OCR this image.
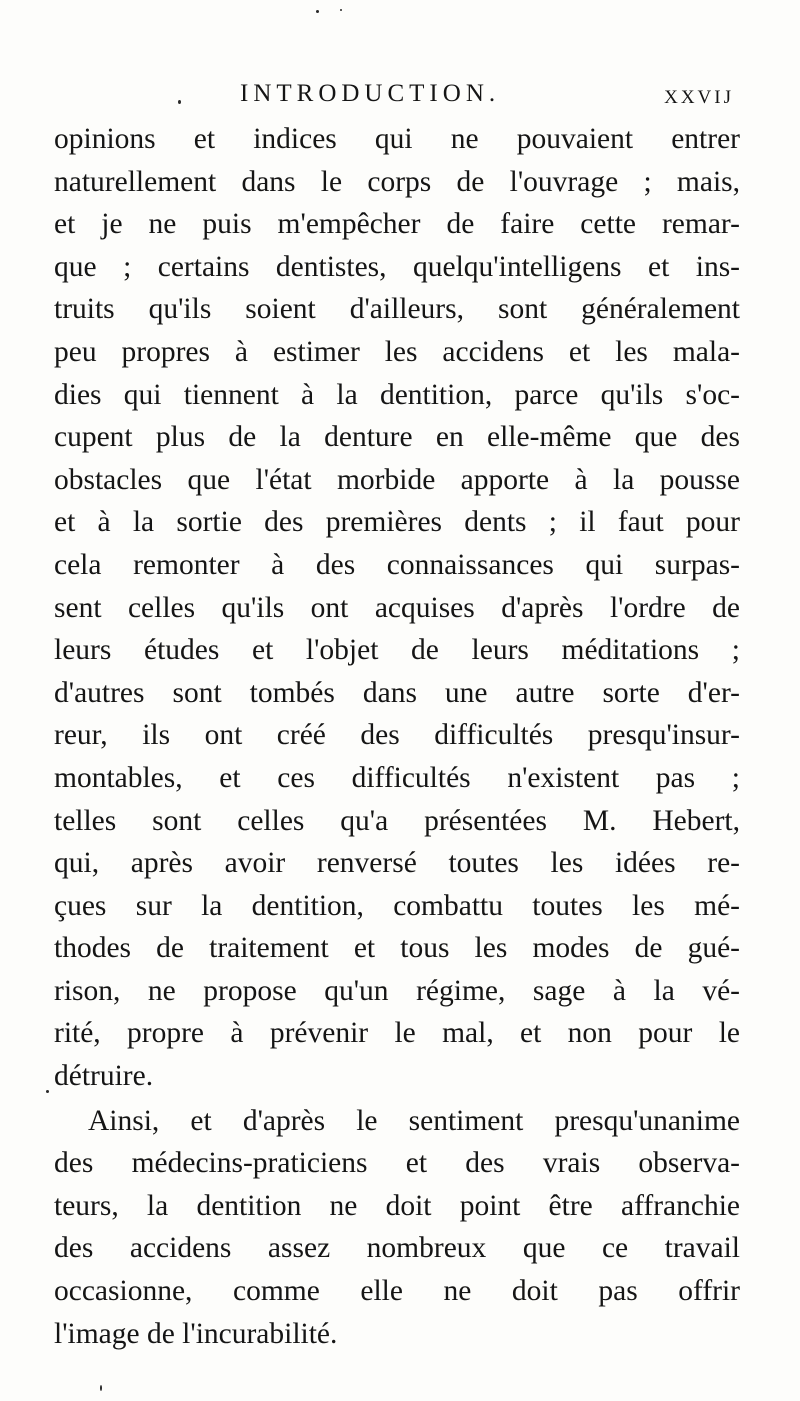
INTRODUCTION.	xxvij
opinions et indices qui ne pouvaient entrer
naturellement dans le corps de l'ouvrage ; mais,
et je ne puis m'empêcher de faire cette remar-
que ; certains dentistes, quelqu'intelligens et ins-
truits qu'ils soient d'ailleurs, sont généralement
peu propres à estimer les accidens et les mala-
dies qui tiennent à la dentition, parce qu'ils s'oc-
cupent plus de la denture en elle-même que des
obstacles que l'état morbide apporte à la pousse
et à la sortie des premières dents ; il faut pour
cela remonter à des connaissances qui surpas-
sent celles qu'ils ont acquises d'après l'ordre de
leurs études et l'objet de leurs méditations ;
d'autres sont tombés dans une autre sorte d'er-
reur, ils ont créé des difficultés presqu'insur-
montables, et ces difficultés n'existent pas ;
telles sont celles qu'a présentées M. Hebert,
qui, après avoir renversé toutes les idées re-
çues sur la dentition, combattu toutes les mé-
thodes de traitement et tous les modes de gué-
rison, ne propose qu'un régime, sage à la vé-
rité, propre à prévenir le mal, et non pour le
détruire.
Ainsi, et d'après le sentiment presqu'unanime
des médecins-praticiens et des vrais observa-
teurs, la dentition ne doit point être affranchie
des accidens assez nombreux que ce travail
occasionne, comme elle ne doit pas offrir
l'image de l'incurabilité.
